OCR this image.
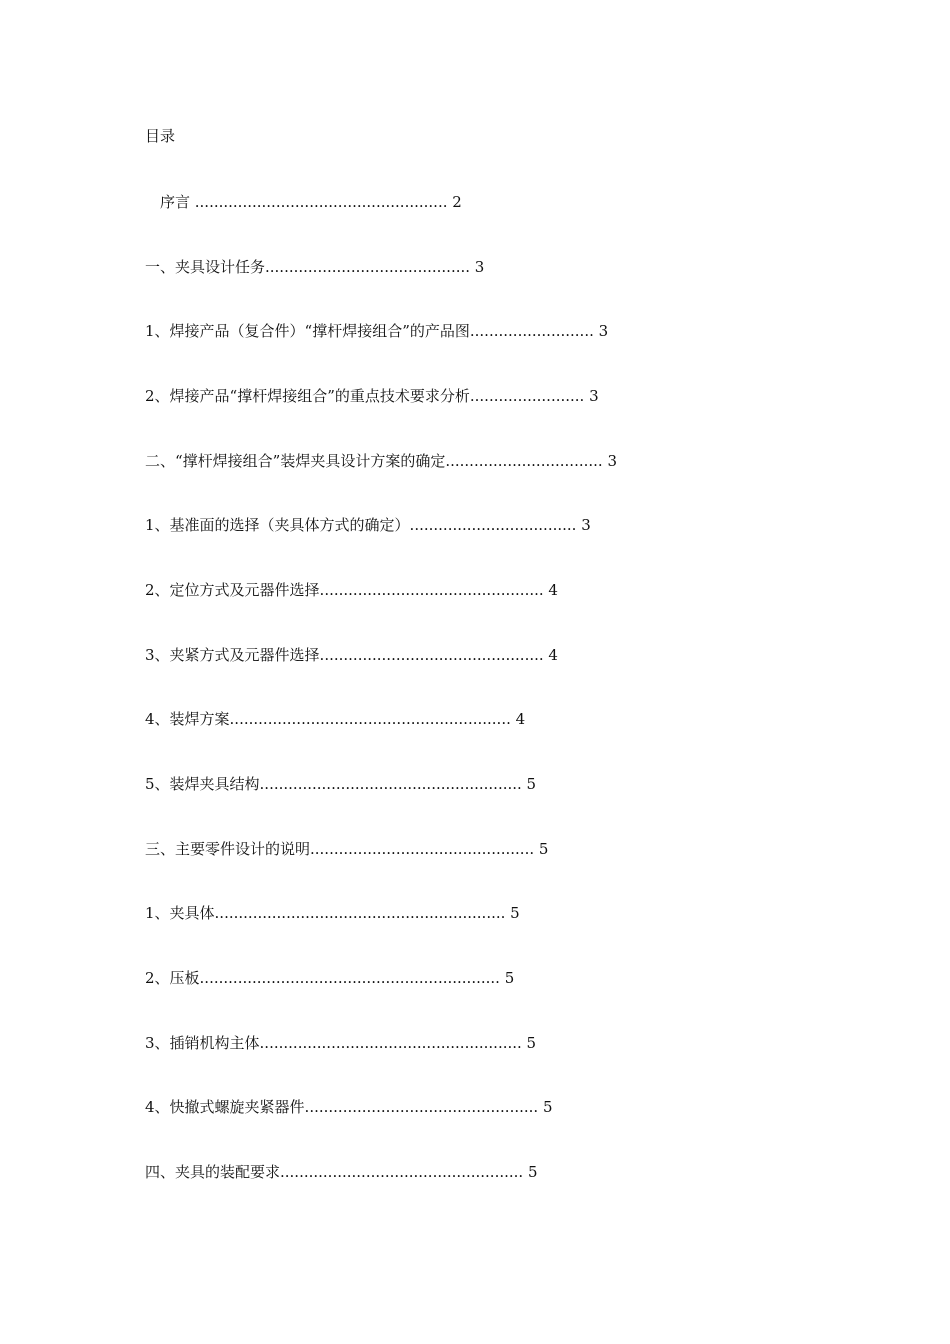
目录
序言 ..................................................... 2
一、夹具设计任务........................................... 3
1、焊接产品（复合件）“撑杆焊接组合”的产品图.......................... 3
2、焊接产品“撑杆焊接组合”的重点技术要求分析........................ 3
二、“撑杆焊接组合”装焊夹具设计方案的确定................................. 3
1、基准面的选择（夹具体方式的确定）................................... 3
2、定位方式及元器件选择............................................... 4
3、夹紧方式及元器件选择............................................... 4
4、装焊方案........................................................... 4
5、装焊夹具结构....................................................... 5
三、主要零件设计的说明............................................... 5
1、夹具体............................................................. 5
2、压板............................................................... 5
3、插销机构主体....................................................... 5
4、快撤式螺旋夹紧器件................................................. 5
四、夹具的装配要求................................................... 5
